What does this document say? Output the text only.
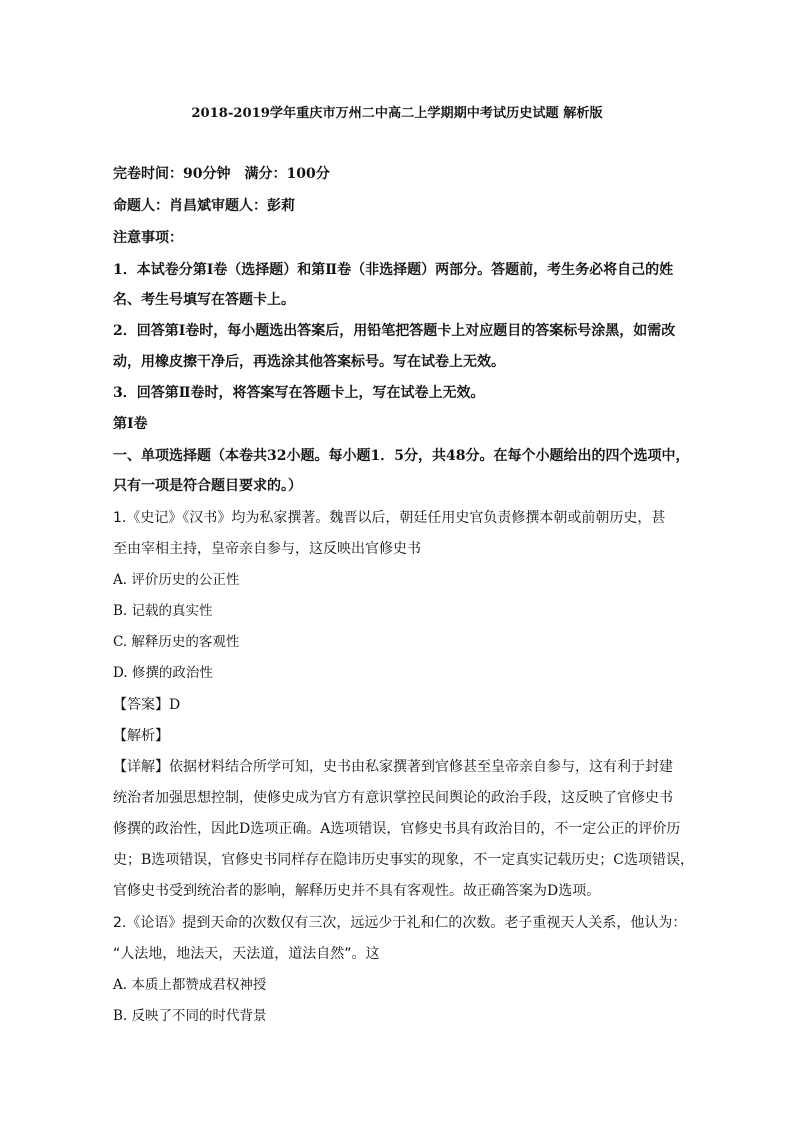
2018-2019学年重庆市万州二中高二上学期期中考试历史试题 解析版
完卷时间：90分钟　满分：100分
命题人：肖昌斌审题人：彭莉
注意事项：
1．本试卷分第Ⅰ卷（选择题）和第Ⅱ卷（非选择题）两部分。答题前，考生务必将自己的姓
名、考生号填写在答题卡上。
2．回答第Ⅰ卷时，每小题选出答案后，用铅笔把答题卡上对应题目的答案标号涂黑，如需改
动，用橡皮擦干净后，再选涂其他答案标号。写在试卷上无效。
3．回答第Ⅱ卷时，将答案写在答题卡上，写在试卷上无效。
第Ⅰ卷
一、单项选择题（本卷共32小题。每小题1．5分，共48分。在每个小题给出的四个选项中，
只有一项是符合题目要求的。）
1.《史记》《汉书》均为私家撰著。魏晋以后，朝廷任用史官负责修撰本朝或前朝历史，甚
至由宰相主持，皇帝亲自参与，这反映出官修史书
A. 评价历史的公正性
B. 记载的真实性
C. 解释历史的客观性
D. 修撰的政治性
【答案】D
【解析】
【详解】依据材料结合所学可知，史书由私家撰著到官修甚至皇帝亲自参与，这有利于封建
统治者加强思想控制，使修史成为官方有意识掌控民间舆论的政治手段，这反映了官修史书
修撰的政治性，因此D选项正确。A选项错误，官修史书具有政治目的，不一定公正的评价历
史；B选项错误，官修史书同样存在隐讳历史事实的现象，不一定真实记载历史；C选项错误，
官修史书受到统治者的影响，解释历史并不具有客观性。故正确答案为D选项。
2.《论语》提到天命的次数仅有三次，远远少于礼和仁的次数。老子重视天人关系，他认为：
“人法地，地法天，天法道，道法自然”。这
A. 本质上都赞成君权神授
B. 反映了不同的时代背景
